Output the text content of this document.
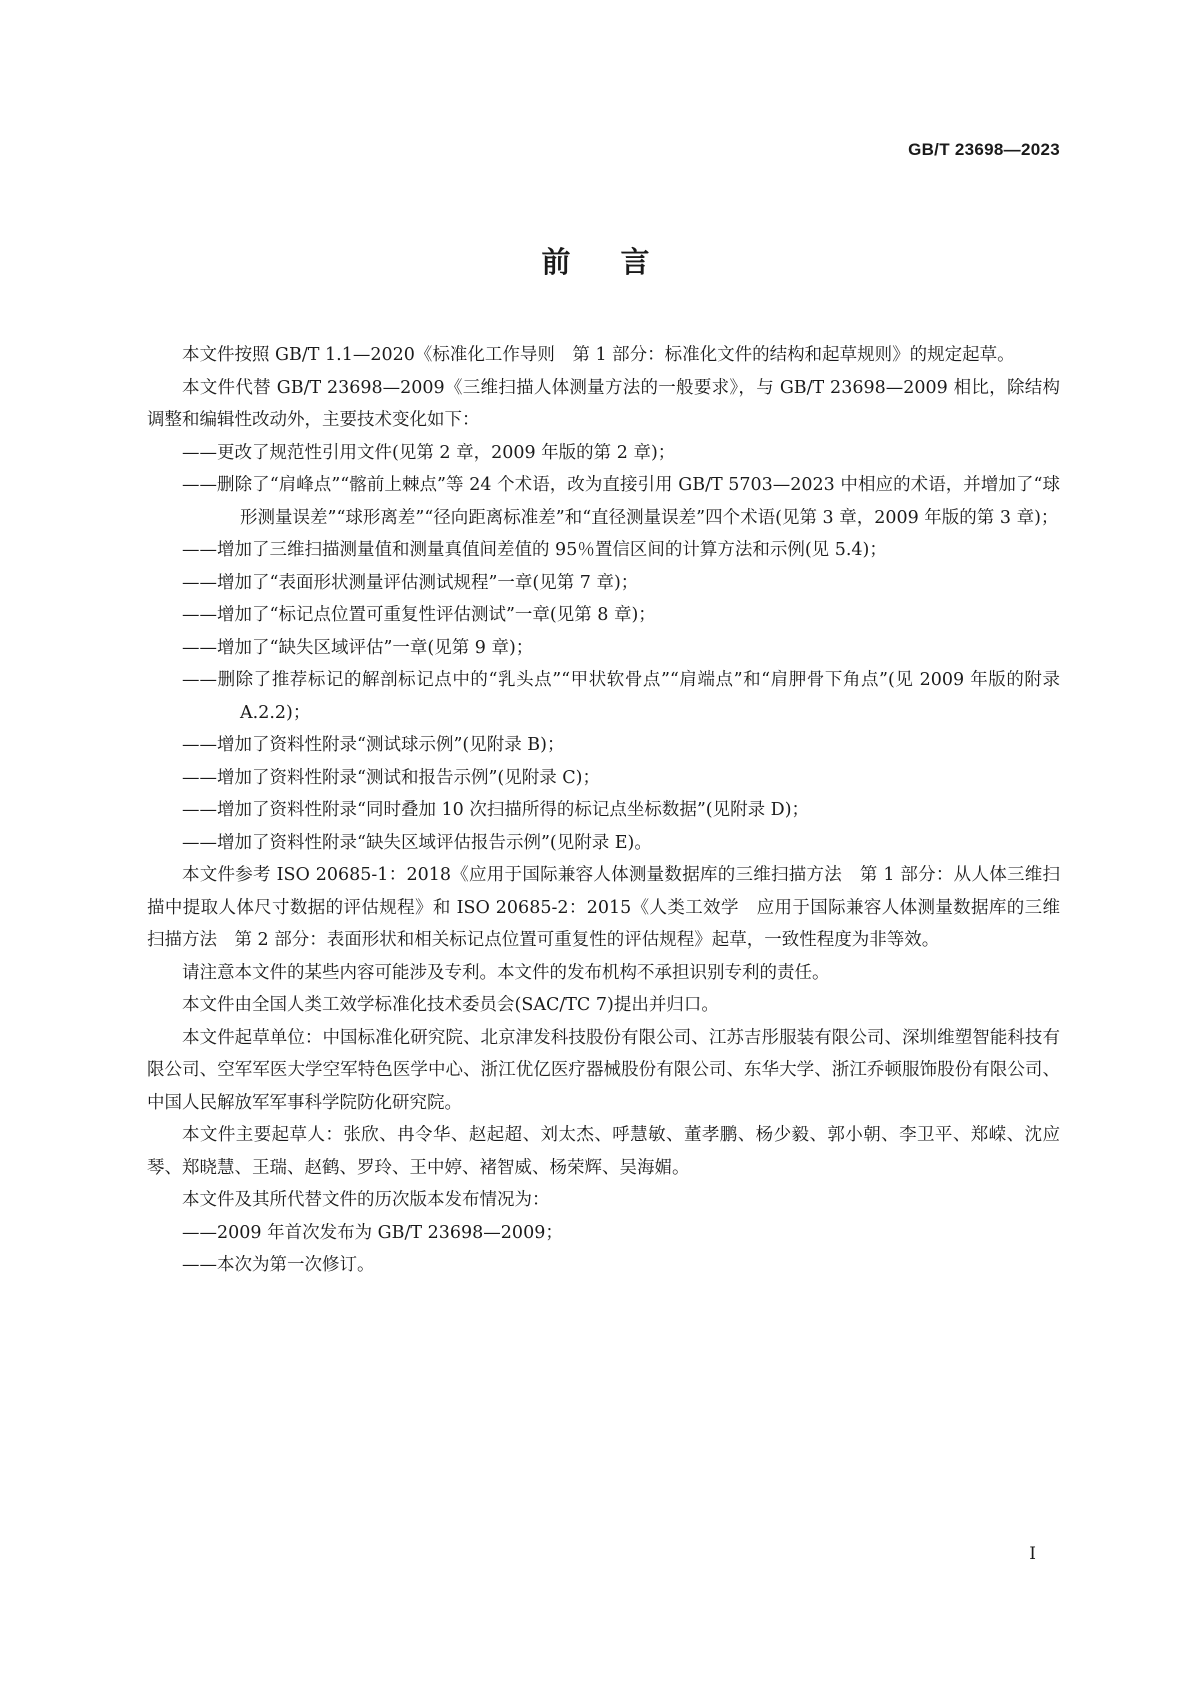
GB/T 23698—2023

前言

本文件按照 GB/T 1.1—2020《标准化工作导则　第 1 部分：标准化文件的结构和起草规则》的规定起草。

本文件代替 GB/T 23698—2009《三维扫描人体测量方法的一般要求》，与 GB/T 23698—2009 相比，除结构调整和编辑性改动外，主要技术变化如下：

——更改了规范性引用文件(见第 2 章，2009 年版的第 2 章)；

——删除了“肩峰点”“髂前上棘点”等 24 个术语，改为直接引用 GB/T 5703—2023 中相应的术语，并增加了“球形测量误差”“球形离差”“径向距离标准差”和“直径测量误差”四个术语(见第 3 章，2009 年版的第 3 章)；

——增加了三维扫描测量值和测量真值间差值的 95％置信区间的计算方法和示例(见 5.4)；

——增加了“表面形状测量评估测试规程”一章(见第 7 章)；

——增加了“标记点位置可重复性评估测试”一章(见第 8 章)；

——增加了“缺失区域评估”一章(见第 9 章)；

——删除了推荐标记的解剖标记点中的“乳头点”“甲状软骨点”“肩端点”和“肩胛骨下角点”(见 2009 年版的附录 A.2.2)；

——增加了资料性附录“测试球示例”(见附录 B)；

——增加了资料性附录“测试和报告示例”(见附录 C)；

——增加了资料性附录“同时叠加 10 次扫描所得的标记点坐标数据”(见附录 D)；

——增加了资料性附录“缺失区域评估报告示例”(见附录 E)。

本文件参考 ISO 20685-1：2018《应用于国际兼容人体测量数据库的三维扫描方法　第 1 部分：从人体三维扫描中提取人体尺寸数据的评估规程》和 ISO 20685-2：2015《人类工效学　应用于国际兼容人体测量数据库的三维扫描方法　第 2 部分：表面形状和相关标记点位置可重复性的评估规程》起草，一致性程度为非等效。

请注意本文件的某些内容可能涉及专利。本文件的发布机构不承担识别专利的责任。

本文件由全国人类工效学标准化技术委员会(SAC/TC 7)提出并归口。

本文件起草单位：中国标准化研究院、北京津发科技股份有限公司、江苏吉彤服装有限公司、深圳维塑智能科技有限公司、空军军医大学空军特色医学中心、浙江优亿医疗器械股份有限公司、东华大学、浙江乔顿服饰股份有限公司、中国人民解放军军事科学院防化研究院。

本文件主要起草人：张欣、冉令华、赵起超、刘太杰、呼慧敏、董孝鹏、杨少毅、郭小朝、李卫平、郑嵘、沈应琴、郑晓慧、王瑞、赵鹤、罗玲、王中婷、褚智威、杨荣辉、吴海媚。

本文件及其所代替文件的历次版本发布情况为：

——2009 年首次发布为 GB/T 23698—2009；

——本次为第一次修订。

I
